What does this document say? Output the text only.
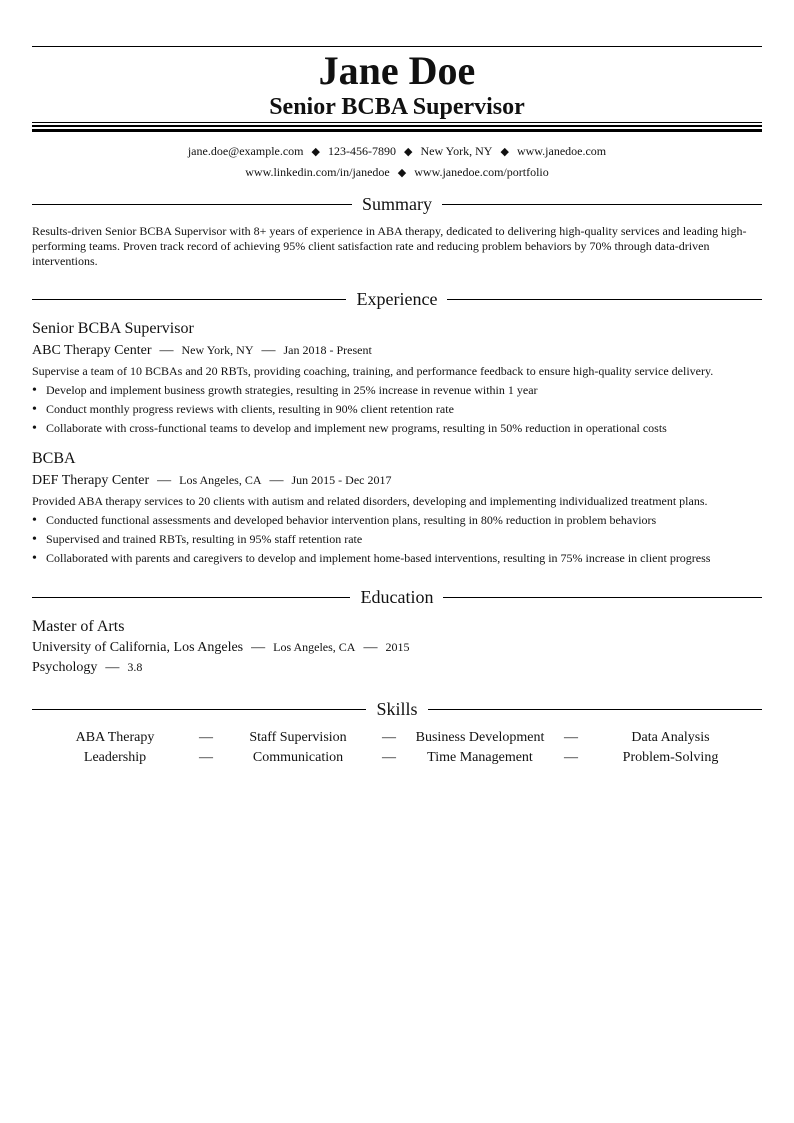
Jane Doe
Senior BCBA Supervisor
jane.doe@example.com ◆ 123-456-7890 ◆ New York, NY ◆ www.janedoe.com
www.linkedin.com/in/janedoe ◆ www.janedoe.com/portfolio
Summary
Results-driven Senior BCBA Supervisor with 8+ years of experience in ABA therapy, dedicated to delivering high-quality services and leading high-performing teams. Proven track record of achieving 95% client satisfaction rate and reducing problem behaviors by 70% through data-driven interventions.
Experience
Senior BCBA Supervisor
ABC Therapy Center — New York, NY — Jan 2018 - Present
Supervise a team of 10 BCBAs and 20 RBTs, providing coaching, training, and performance feedback to ensure high-quality service delivery.
• Develop and implement business growth strategies, resulting in 25% increase in revenue within 1 year
• Conduct monthly progress reviews with clients, resulting in 90% client retention rate
• Collaborate with cross-functional teams to develop and implement new programs, resulting in 50% reduction in operational costs
BCBA
DEF Therapy Center — Los Angeles, CA — Jun 2015 - Dec 2017
Provided ABA therapy services to 20 clients with autism and related disorders, developing and implementing individualized treatment plans.
• Conducted functional assessments and developed behavior intervention plans, resulting in 80% reduction in problem behaviors
• Supervised and trained RBTs, resulting in 95% staff retention rate
• Collaborated with parents and caregivers to develop and implement home-based interventions, resulting in 75% increase in client progress
Education
Master of Arts
University of California, Los Angeles — Los Angeles, CA — 2015
Psychology — 3.8
Skills
ABA Therapy	—	Staff Supervision	—	Business Development	—	Data Analysis
Leadership	—	Communication	—	Time Management	—	Problem-Solving
